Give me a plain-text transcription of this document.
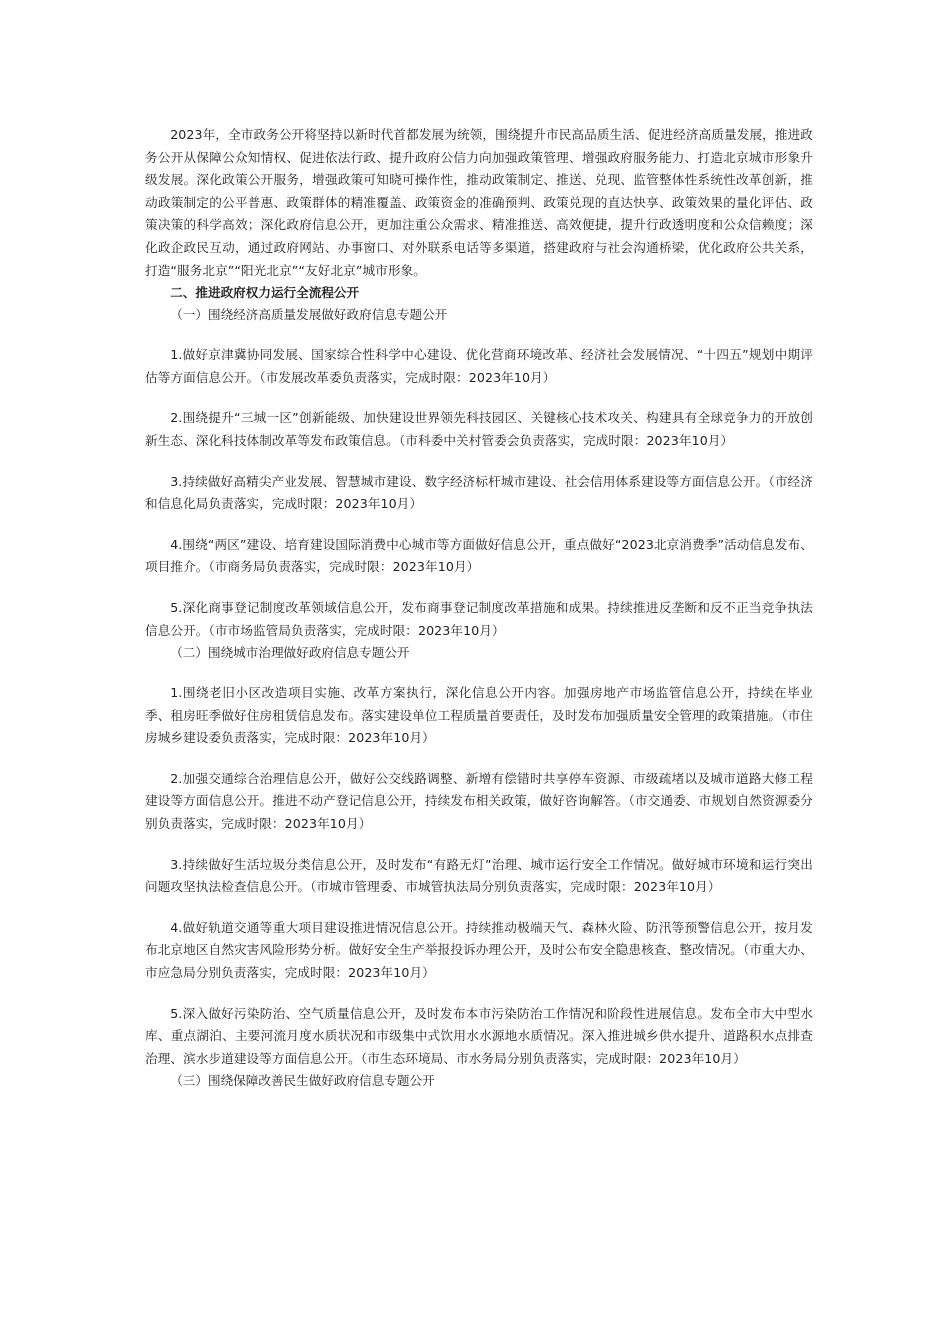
2023年，全市政务公开将坚持以新时代首都发展为统领，围绕提升市民高品质生活、促进经济高质量发展，推进政务公开从保障公众知情权、促进依法行政、提升政府公信力向加强政策管理、增强政府服务能力、打造北京城市形象升级发展。深化政策公开服务，增强政策可知晓可操作性，推动政策制定、推送、兑现、监管整体性系统性改革创新，推动政策制定的公平普惠、政策群体的精准覆盖、政策资金的准确预判、政策兑现的直达快享、政策效果的量化评估、政策决策的科学高效；深化政府信息公开，更加注重公众需求、精准推送、高效便捷，提升行政透明度和公众信赖度；深化政企政民互动，通过政府网站、办事窗口、对外联系电话等多渠道，搭建政府与社会沟通桥梁，优化政府公共关系，打造“服务北京”“阳光北京”“友好北京”城市形象。

二、推进政府权力运行全流程公开

（一）围绕经济高质量发展做好政府信息专题公开

1.做好京津冀协同发展、国家综合性科学中心建设、优化营商环境改革、经济社会发展情况、“十四五”规划中期评估等方面信息公开。（市发展改革委负责落实，完成时限：2023年10月）

2.围绕提升“三城一区”创新能级、加快建设世界领先科技园区、关键核心技术攻关、构建具有全球竞争力的开放创新生态、深化科技体制改革等发布政策信息。（市科委中关村管委会负责落实，完成时限：2023年10月）

3.持续做好高精尖产业发展、智慧城市建设、数字经济标杆城市建设、社会信用体系建设等方面信息公开。（市经济和信息化局负责落实，完成时限：2023年10月）

4.围绕“两区”建设、培育建设国际消费中心城市等方面做好信息公开，重点做好“2023北京消费季”活动信息发布、项目推介。（市商务局负责落实，完成时限：2023年10月）

5.深化商事登记制度改革领域信息公开，发布商事登记制度改革措施和成果。持续推进反垄断和反不正当竞争执法信息公开。（市市场监管局负责落实，完成时限：2023年10月）

（二）围绕城市治理做好政府信息专题公开

1.围绕老旧小区改造项目实施、改革方案执行，深化信息公开内容。加强房地产市场监管信息公开，持续在毕业季、租房旺季做好住房租赁信息发布。落实建设单位工程质量首要责任，及时发布加强质量安全管理的政策措施。（市住房城乡建设委负责落实，完成时限：2023年10月）

2.加强交通综合治理信息公开，做好公交线路调整、新增有偿错时共享停车资源、市级疏堵以及城市道路大修工程建设等方面信息公开。推进不动产登记信息公开，持续发布相关政策，做好咨询解答。（市交通委、市规划自然资源委分别负责落实，完成时限：2023年10月）

3.持续做好生活垃圾分类信息公开，及时发布“有路无灯”治理、城市运行安全工作情况。做好城市环境和运行突出问题攻坚执法检查信息公开。（市城市管理委、市城管执法局分别负责落实，完成时限：2023年10月）

4.做好轨道交通等重大项目建设推进情况信息公开。持续推动极端天气、森林火险、防汛等预警信息公开，按月发布北京地区自然灾害风险形势分析。做好安全生产举报投诉办理公开，及时公布安全隐患核查、整改情况。（市重大办、市应急局分别负责落实，完成时限：2023年10月）

5.深入做好污染防治、空气质量信息公开，及时发布本市污染防治工作情况和阶段性进展信息。发布全市大中型水库、重点湖泊、主要河流月度水质状况和市级集中式饮用水水源地水质情况。深入推进城乡供水提升、道路积水点排查治理、滨水步道建设等方面信息公开。（市生态环境局、市水务局分别负责落实，完成时限：2023年10月）

（三）围绕保障改善民生做好政府信息专题公开
